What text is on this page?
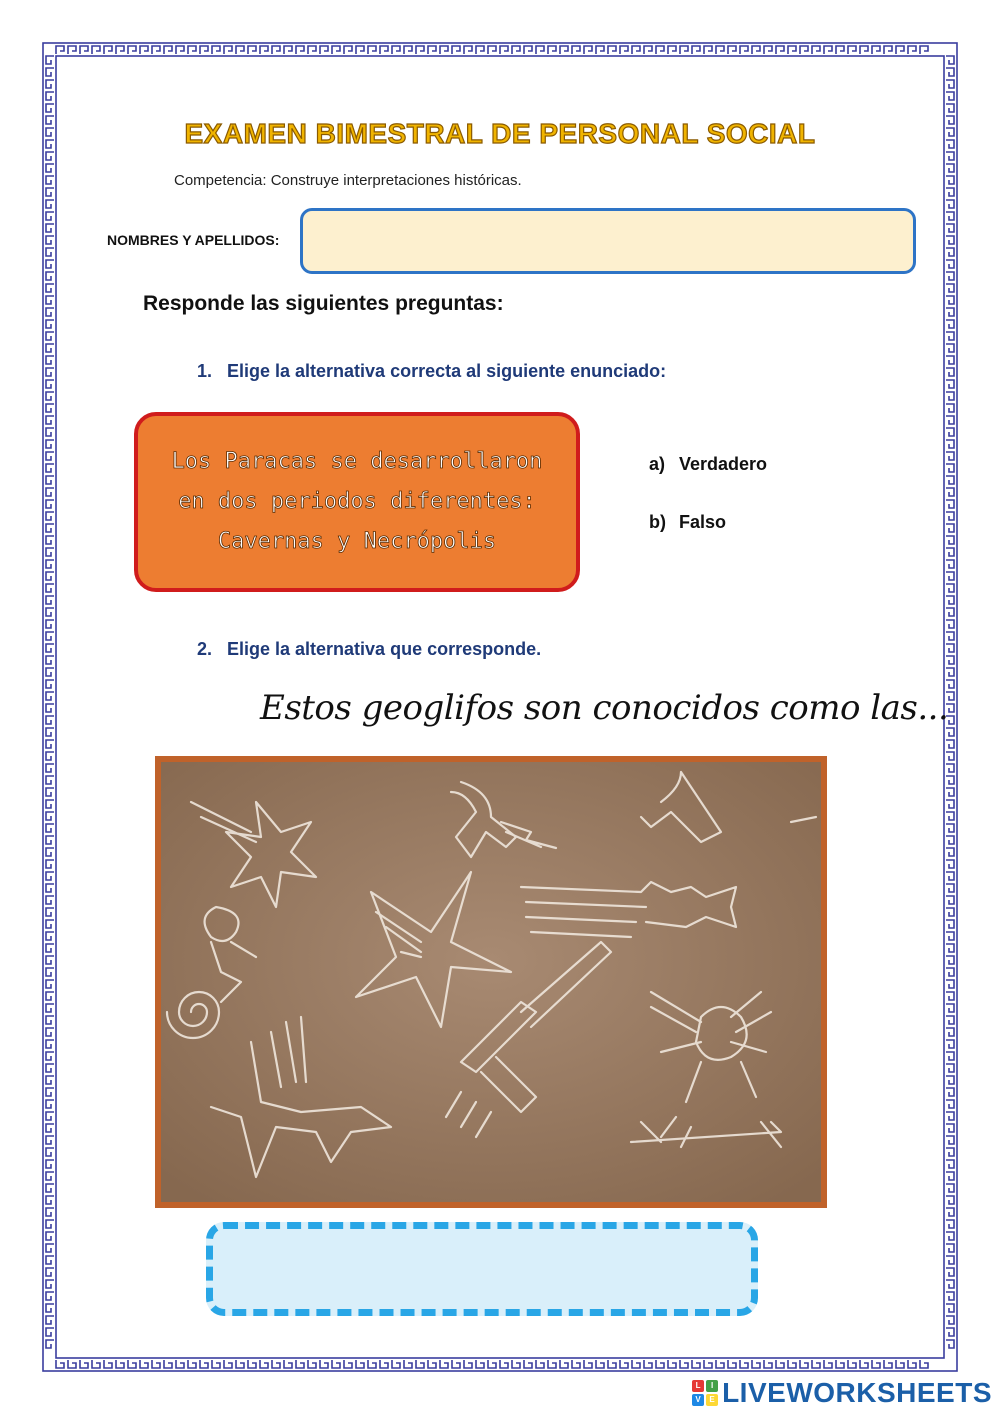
EXAMEN BIMESTRAL DE PERSONAL SOCIAL
Competencia: Construye interpretaciones históricas.
NOMBRES Y APELLIDOS:
Responde las siguientes preguntas:
1. Elige la alternativa correcta al siguiente enunciado:
Los Paracas se desarrollaron
en dos periodos diferentes:
Cavernas y Necrópolis
a) Verdadero
b) Falso
2. Elige la alternativa que corresponde.
Estos geoglifos son conocidos como las...
L	I
V	E LIVEWORKSHEETS
